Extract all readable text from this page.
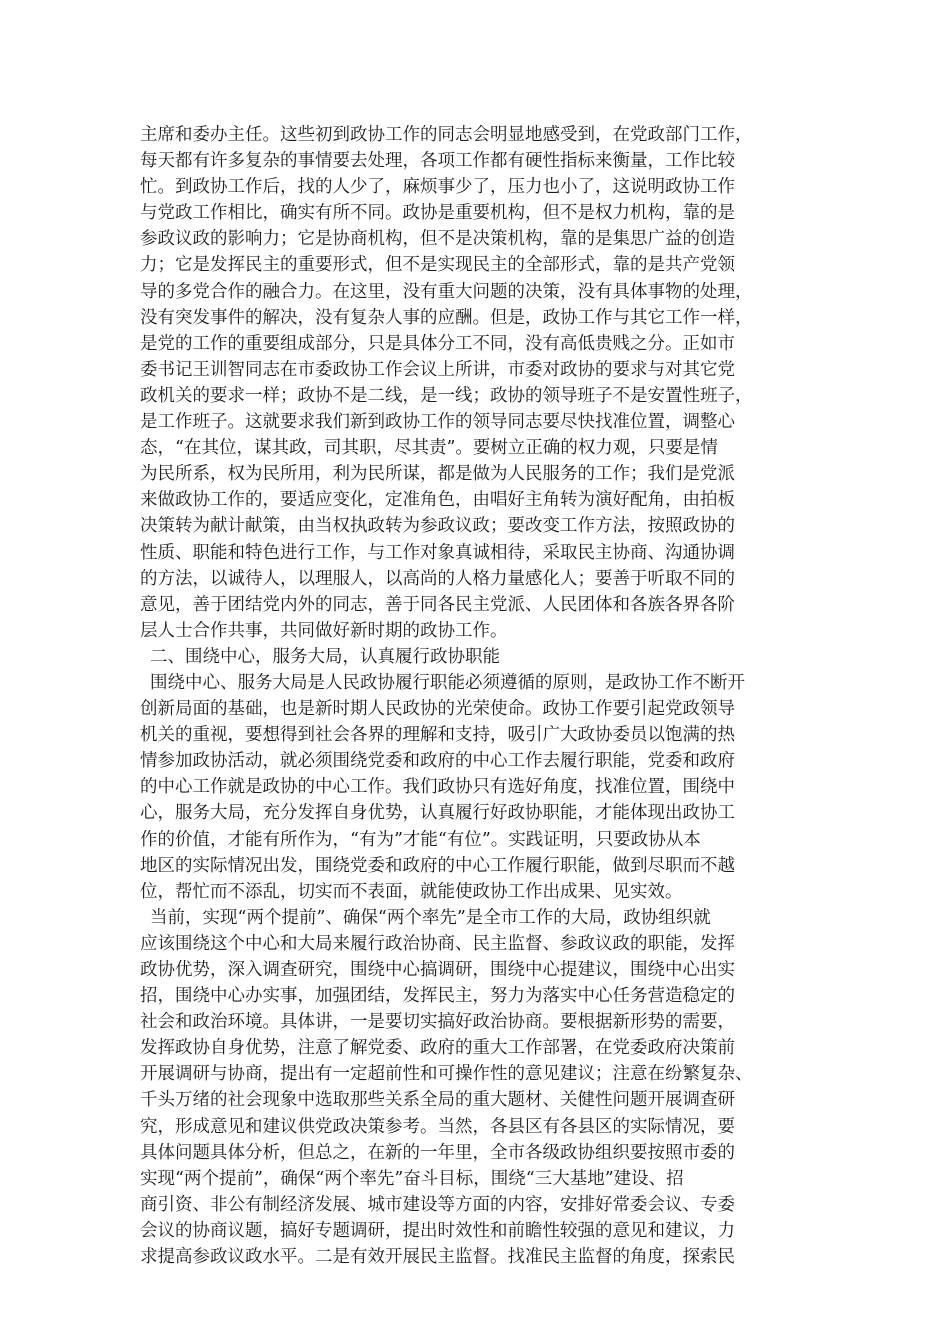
主席和委办主任。这些初到政协工作的同志会明显地感受到，在党政部门工作，
每天都有许多复杂的事情要去处理，各项工作都有硬性指标来衡量，工作比较
忙。到政协工作后，找的人少了，麻烦事少了，压力也小了，这说明政协工作
与党政工作相比，确实有所不同。政协是重要机构，但不是权力机构，靠的是
参政议政的影响力；它是协商机构，但不是决策机构，靠的是集思广益的创造
力；它是发挥民主的重要形式，但不是实现民主的全部形式，靠的是共产党领
导的多党合作的融合力。在这里，没有重大问题的决策，没有具体事物的处理，
没有突发事件的解决，没有复杂人事的应酬。但是，政协工作与其它工作一样，
是党的工作的重要组成部分，只是具体分工不同，没有高低贵贱之分。正如市
委书记王训智同志在市委政协工作会议上所讲，市委对政协的要求与对其它党
政机关的要求一样；政协不是二线，是一线；政协的领导班子不是安置性班子，
是工作班子。这就要求我们新到政协工作的领导同志要尽快找准位置，调整心
态，“在其位，谋其政，司其职，尽其责”。要树立正确的权力观，只要是情
为民所系，权为民所用，利为民所谋，都是做为人民服务的工作；我们是党派
来做政协工作的，要适应变化，定准角色，由唱好主角转为演好配角，由拍板
决策转为献计献策，由当权执政转为参政议政；要改变工作方法，按照政协的
性质、职能和特色进行工作，与工作对象真诚相待，采取民主协商、沟通协调
的方法，以诚待人，以理服人，以高尚的人格力量感化人；要善于听取不同的
意见，善于团结党内外的同志，善于同各民主党派、人民团体和各族各界各阶
层人士合作共事，共同做好新时期的政协工作。
二、围绕中心，服务大局，认真履行政协职能
围绕中心、服务大局是人民政协履行职能必须遵循的原则，是政协工作不断开
创新局面的基础，也是新时期人民政协的光荣使命。政协工作要引起党政领导
机关的重视，要想得到社会各界的理解和支持，吸引广大政协委员以饱满的热
情参加政协活动，就必须围绕党委和政府的中心工作去履行职能，党委和政府
的中心工作就是政协的中心工作。我们政协只有选好角度，找准位置，围绕中
心，服务大局，充分发挥自身优势，认真履行好政协职能，才能体现出政协工
作的价值，才能有所作为，“有为”才能“有位”。实践证明，只要政协从本
地区的实际情况出发，围绕党委和政府的中心工作履行职能，做到尽职而不越
位，帮忙而不添乱，切实而不表面，就能使政协工作出成果、见实效。
当前，实现“两个提前”、确保“两个率先”是全市工作的大局，政协组织就
应该围绕这个中心和大局来履行政治协商、民主监督、参政议政的职能，发挥
政协优势，深入调查研究，围绕中心搞调研，围绕中心提建议，围绕中心出实
招，围绕中心办实事，加强团结，发挥民主，努力为落实中心任务营造稳定的
社会和政治环境。具体讲，一是要切实搞好政治协商。要根据新形势的需要，
发挥政协自身优势，注意了解党委、政府的重大工作部署，在党委政府决策前
开展调研与协商，提出有一定超前性和可操作性的意见建议；注意在纷繁复杂、
千头万绪的社会现象中选取那些关系全局的重大题材、关健性问题开展调查研
究，形成意见和建议供党政决策参考。当然，各县区有各县区的实际情况，要
具体问题具体分析，但总之，在新的一年里，全市各级政协组织要按照市委的
实现“两个提前”，确保“两个率先”奋斗目标，围绕“三大基地”建设、招
商引资、非公有制经济发展、城市建设等方面的内容，安排好常委会议、专委
会议的协商议题，搞好专题调研，提出时效性和前瞻性较强的意见和建议，力
求提高参政议政水平。二是有效开展民主监督。找准民主监督的角度，探索民
